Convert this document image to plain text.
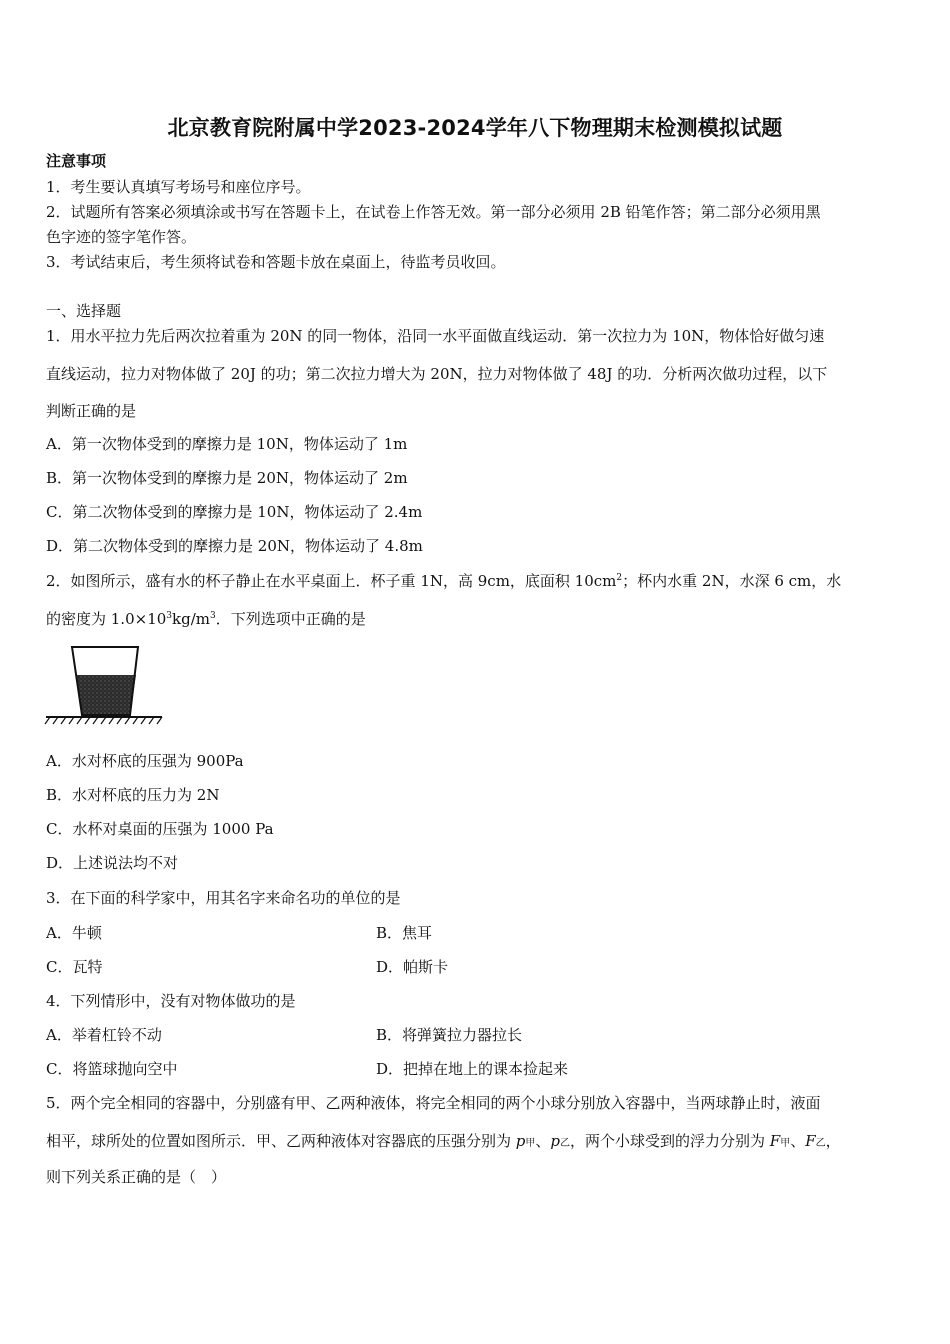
北京教育院附属中学2023-2024学年八下物理期末检测模拟试题
注意事项
1．考生要认真填写考场号和座位序号。
2．试题所有答案必须填涂或书写在答题卡上，在试卷上作答无效。第一部分必须用 2B 铅笔作答；第二部分必须用黑
色字迹的签字笔作答。
3．考试结束后，考生须将试卷和答题卡放在桌面上，待监考员收回。
一、选择题
1．用水平拉力先后两次拉着重为 20N 的同一物体，沿同一水平面做直线运动．第一次拉力为 10N，物体恰好做匀速
直线运动，拉力对物体做了 20J 的功；第二次拉力增大为 20N，拉力对物体做了 48J 的功．分析两次做功过程，以下
判断正确的是
A．第一次物体受到的摩擦力是 10N，物体运动了 1m
B．第一次物体受到的摩擦力是 20N，物体运动了 2m
C．第二次物体受到的摩擦力是 10N，物体运动了 2.4m
D．第二次物体受到的摩擦力是 20N，物体运动了 4.8m
2．如图所示，盛有水的杯子静止在水平桌面上．杯子重 1N，高 9cm，底面积 $10cm^2$；杯内水重 2N，水深 6 cm，水
的密度为 $1.0\times 10^3kg/m^3$．下列选项中正确的是
A．水对杯底的压强为 900Pa
B．水对杯底的压力为 2N
C．水杯对桌面的压强为 1000 Pa
D．上述说法均不对
3．在下面的科学家中，用其名字来命名功的单位的是
A．牛顿	B．焦耳
C．瓦特	D．帕斯卡
4．下列情形中，没有对物体做功的是
A．举着杠铃不动	B．将弹簧拉力器拉长
C．将篮球抛向空中	D．把掉在地上的课本捡起来
5．两个完全相同的容器中，分别盛有甲、乙两种液体，将完全相同的两个小球分别放入容器中，当两球静止时，液面
相平，球所处的位置如图所示．甲、乙两种液体对容器底的压强分别为 p甲、p乙，两个小球受到的浮力分别为 F甲、F乙，
则下列关系正确的是（　）
